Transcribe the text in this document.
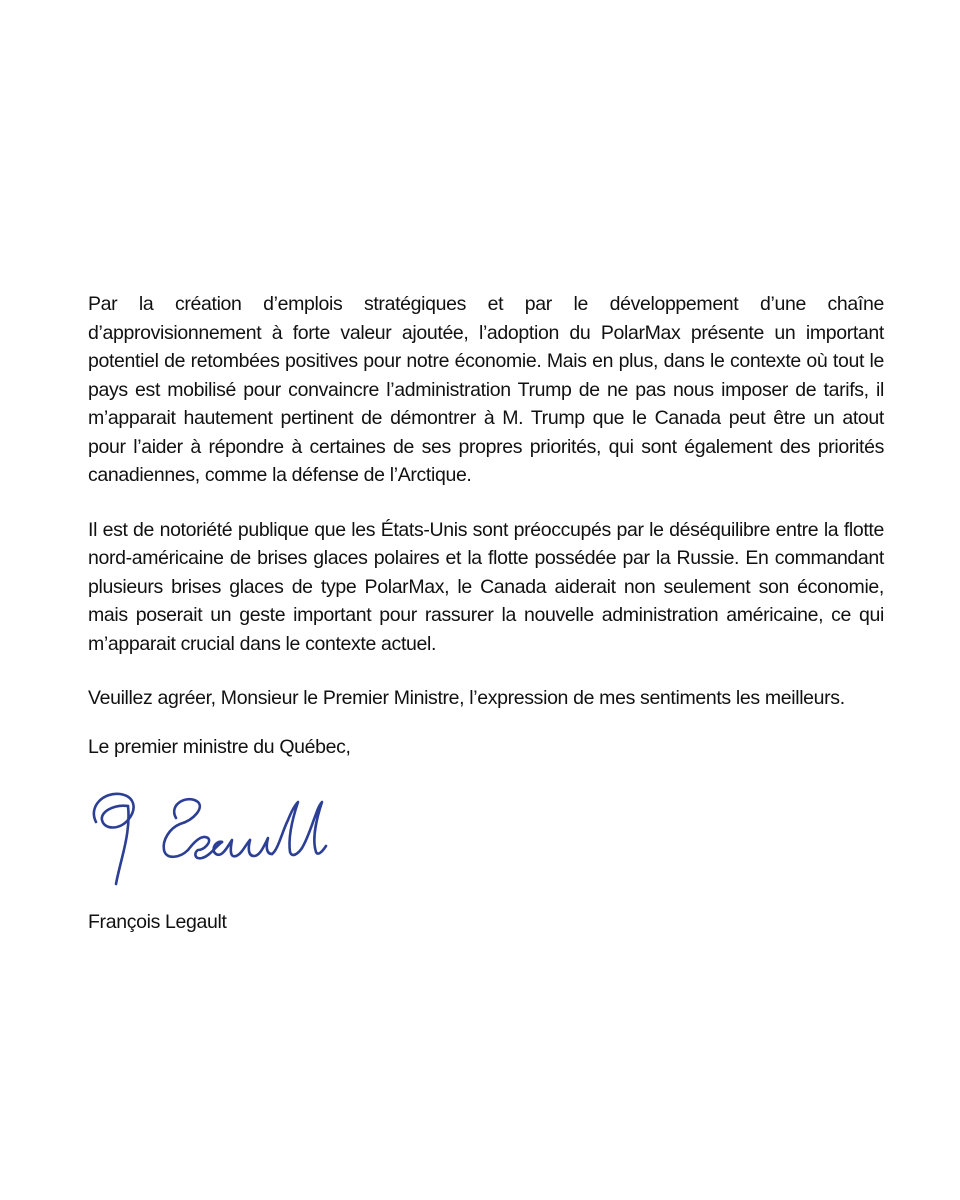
Par la création d’emplois stratégiques et par le développement d’une chaîne d’approvisionnement à forte valeur ajoutée, l’adoption du PolarMax présente un important potentiel de retombées positives pour notre économie. Mais en plus, dans le contexte où tout le pays est mobilisé pour convaincre l’administration Trump de ne pas nous imposer de tarifs, il m’apparait hautement pertinent de démontrer à M. Trump que le Canada peut être un atout pour l’aider à répondre à certaines de ses propres priorités, qui sont également des priorités canadiennes, comme la défense de l’Arctique.

Il est de notoriété publique que les États-Unis sont préoccupés par le déséquilibre entre la flotte nord-américaine de brises glaces polaires et la flotte possédée par la Russie. En commandant plusieurs brises glaces de type PolarMax, le Canada aiderait non seulement son économie, mais poserait un geste important pour rassurer la nouvelle administration américaine, ce qui m’apparait crucial dans le contexte actuel.

Veuillez agréer, Monsieur le Premier Ministre, l’expression de mes sentiments les meilleurs.

Le premier ministre du Québec,

François Legault
